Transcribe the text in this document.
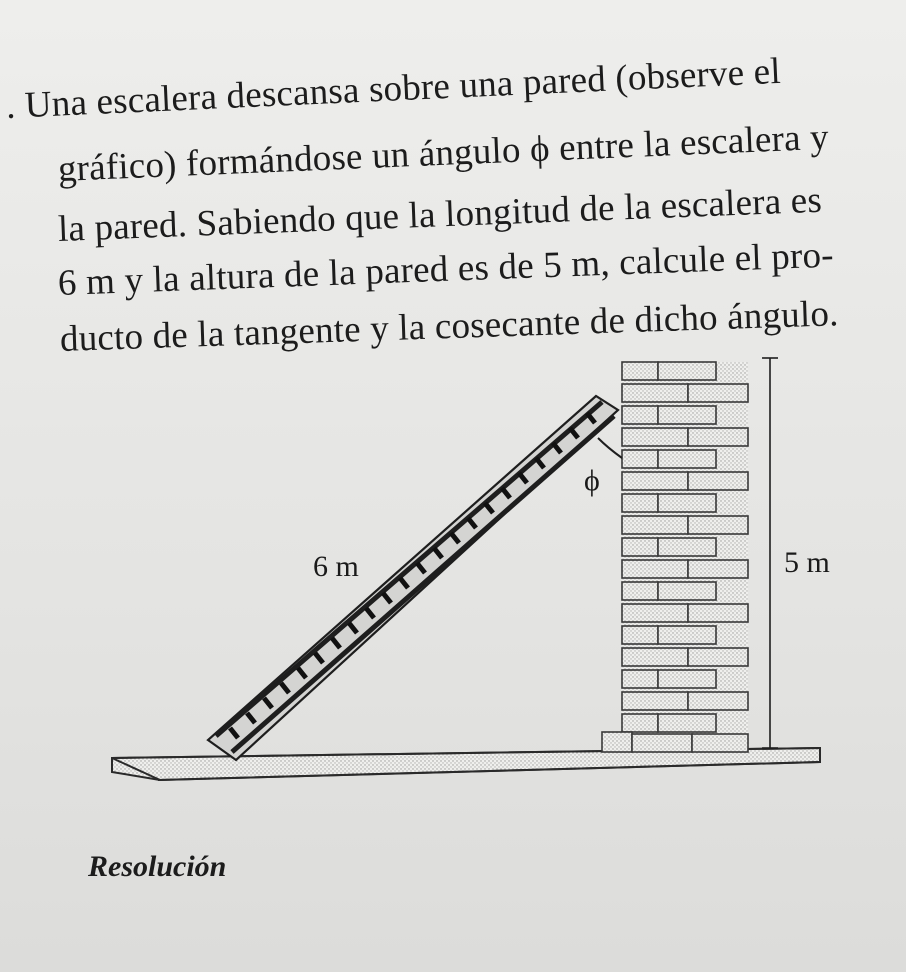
. Una escalera descansa sobre una pared (observe el
gráfico) formándose un ángulo ϕ entre la escalera y
la pared. Sabiendo que la longitud de la escalera es
6 m y la altura de la pared es de 5 m, calcule el pro-
ducto de la tangente y la cosecante de dicho ángulo.
ϕ
6 m	5 m
Resolución
